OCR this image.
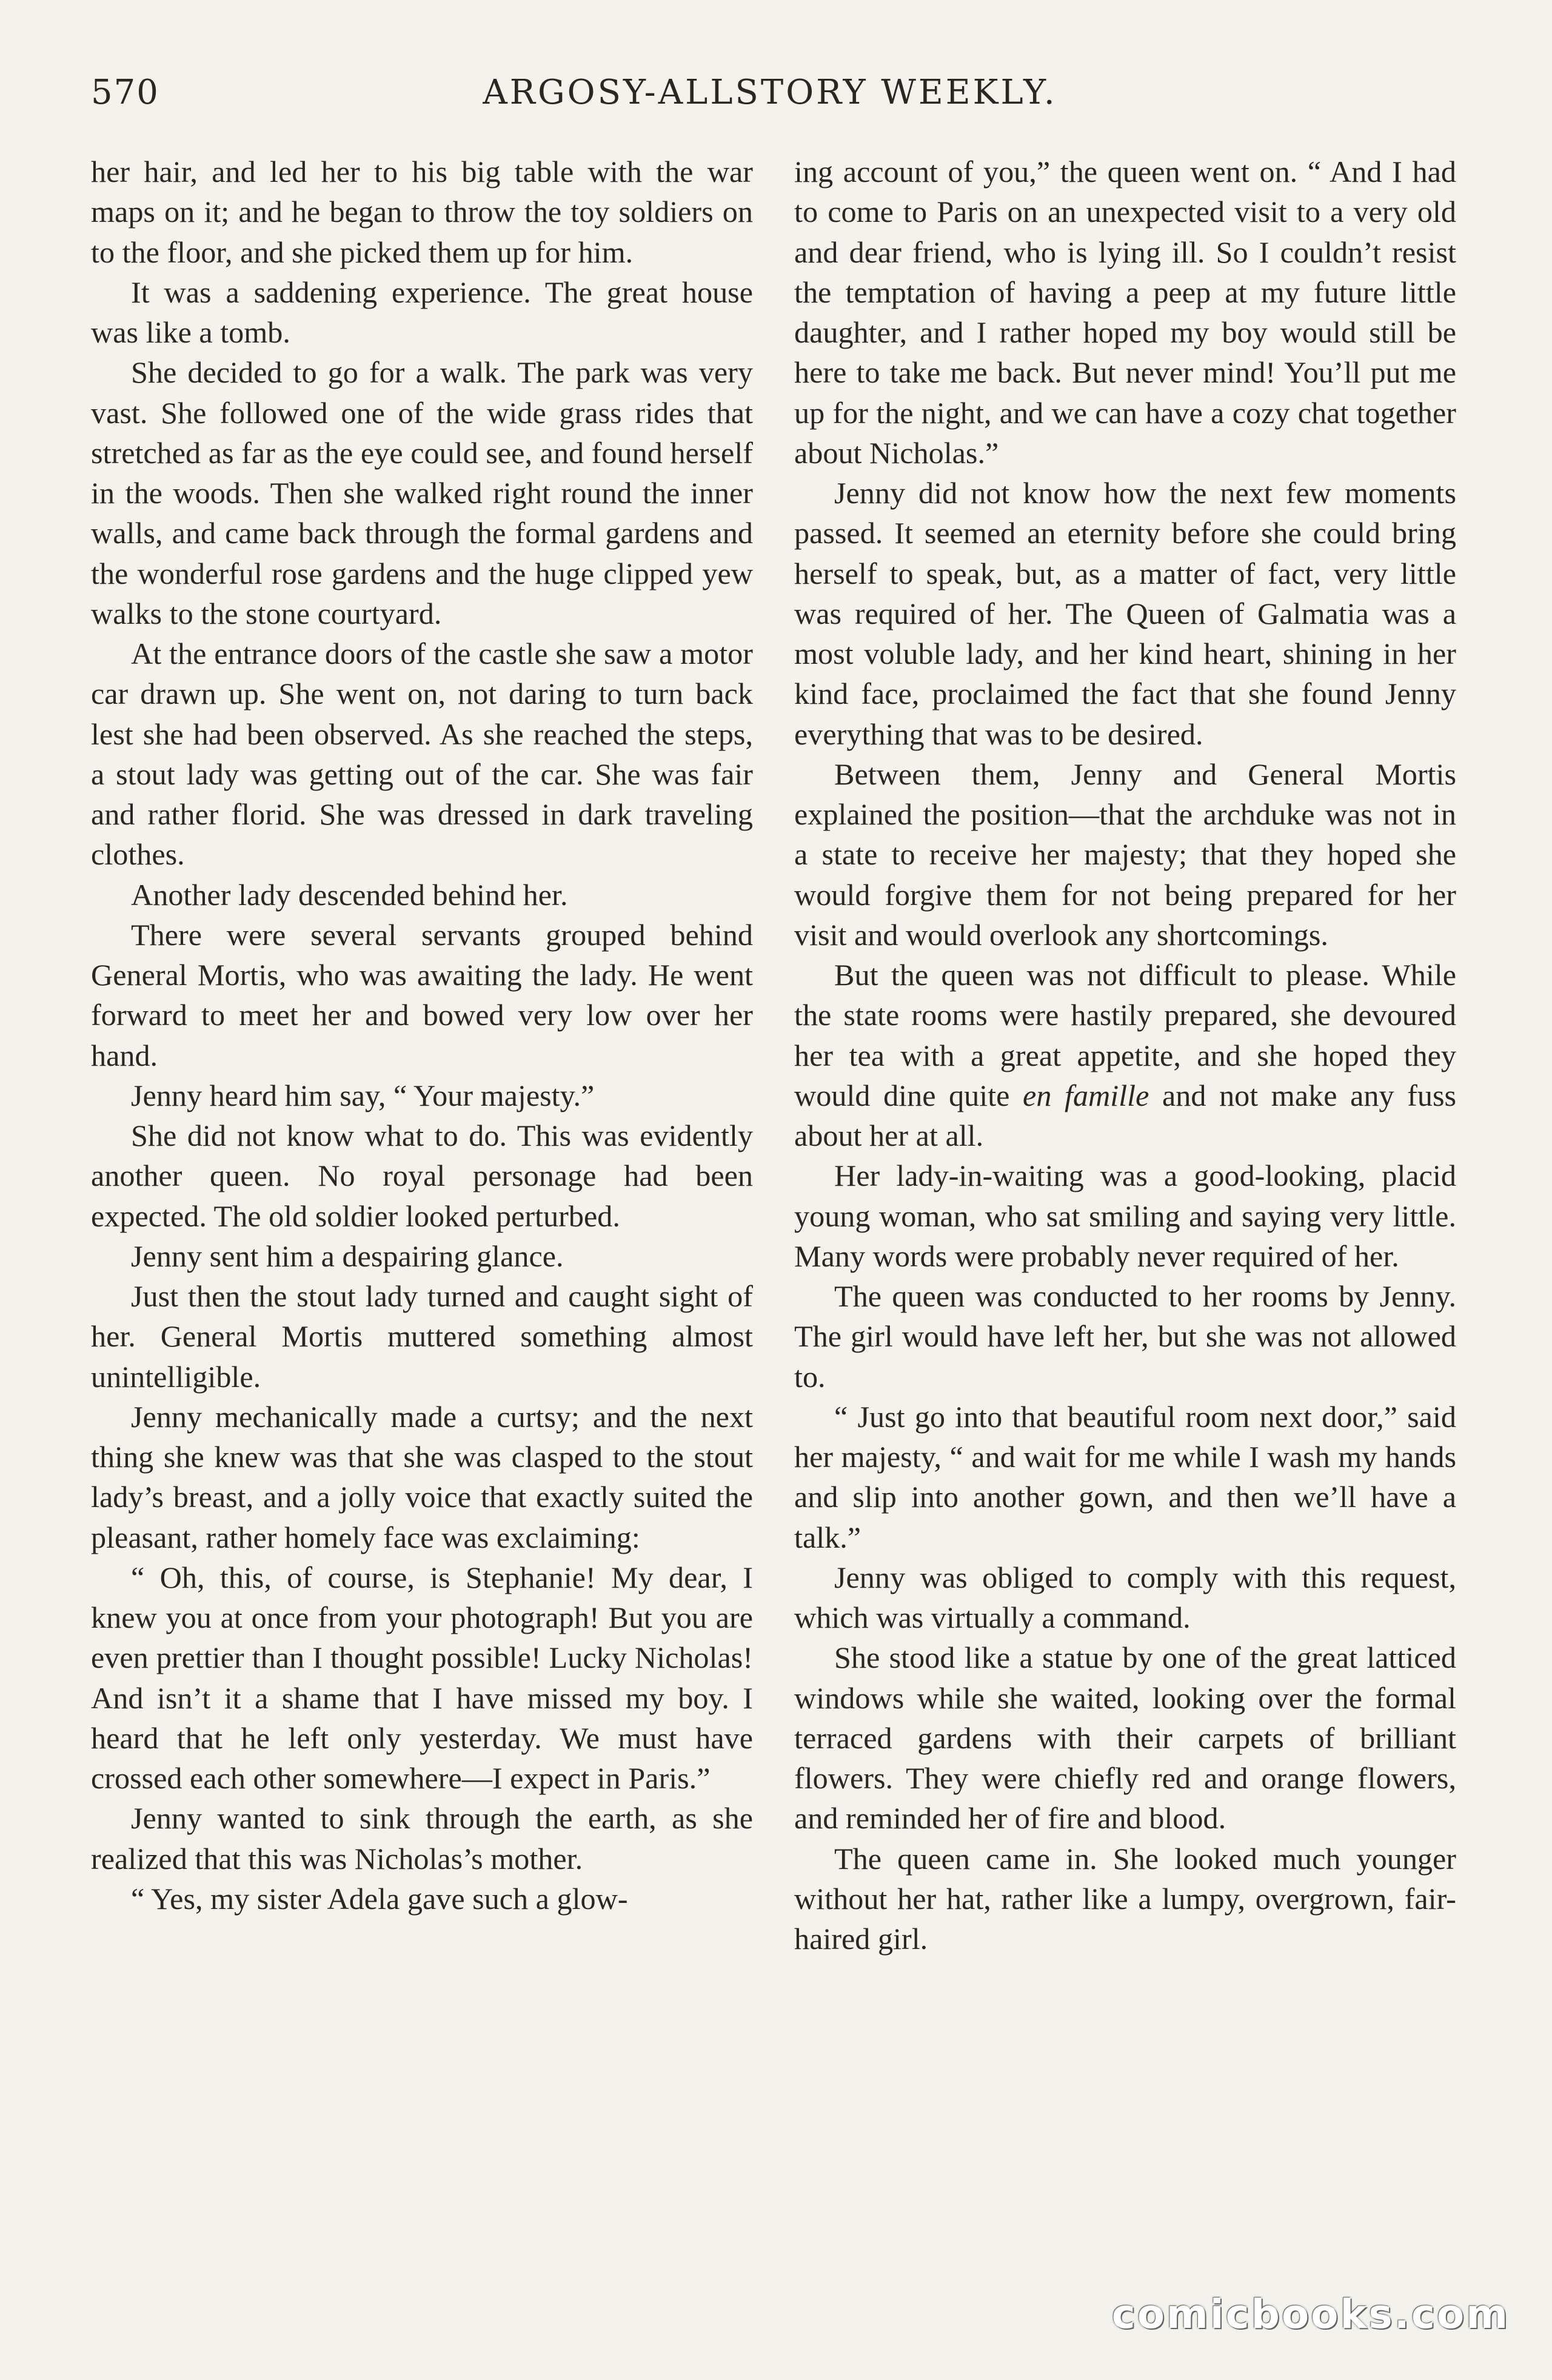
570	ARGOSY-ALLSTORY WEEKLY.

her hair, and led her to his big table with the war maps on it; and he began to throw the toy soldiers on to the floor, and she picked them up for him.

It was a saddening experience. The great house was like a tomb.

She decided to go for a walk. The park was very vast. She followed one of the wide grass rides that stretched as far as the eye could see, and found herself in the woods. Then she walked right round the inner walls, and came back through the formal gardens and the wonderful rose gardens and the huge clipped yew walks to the stone courtyard.

At the entrance doors of the castle she saw a motor car drawn up. She went on, not daring to turn back lest she had been observed. As she reached the steps, a stout lady was getting out of the car. She was fair and rather florid. She was dressed in dark traveling clothes.

Another lady descended behind her.

There were several servants grouped behind General Mortis, who was awaiting the lady. He went forward to meet her and bowed very low over her hand.

Jenny heard him say, “ Your majesty.”

She did not know what to do. This was evidently another queen. No royal personage had been expected. The old soldier looked perturbed.

Jenny sent him a despairing glance.

Just then the stout lady turned and caught sight of her. General Mortis muttered something almost unintelligible.

Jenny mechanically made a curtsy; and the next thing she knew was that she was clasped to the stout lady’s breast, and a jolly voice that exactly suited the pleasant, rather homely face was exclaiming:

“ Oh, this, of course, is Stephanie! My dear, I knew you at once from your photograph! But you are even prettier than I thought possible! Lucky Nicholas! And isn’t it a shame that I have missed my boy. I heard that he left only yesterday. We must have crossed each other somewhere—I expect in Paris.”

Jenny wanted to sink through the earth, as she realized that this was Nicholas’s mother.

“ Yes, my sister Adela gave such a glow-

ing account of you,” the queen went on. “ And I had to come to Paris on an unexpected visit to a very old and dear friend, who is lying ill. So I couldn’t resist the temptation of having a peep at my future little daughter, and I rather hoped my boy would still be here to take me back. But never mind! You’ll put me up for the night, and we can have a cozy chat together about Nicholas.”

Jenny did not know how the next few moments passed. It seemed an eternity before she could bring herself to speak, but, as a matter of fact, very little was required of her. The Queen of Galmatia was a most voluble lady, and her kind heart, shining in her kind face, proclaimed the fact that she found Jenny everything that was to be desired.

Between them, Jenny and General Mortis explained the position—that the archduke was not in a state to receive her majesty; that they hoped she would forgive them for not being prepared for her visit and would overlook any shortcomings.

But the queen was not difficult to please. While the state rooms were hastily prepared, she devoured her tea with a great appetite, and she hoped they would dine quite en famille and not make any fuss about her at all.

Her lady-in-waiting was a good-looking, placid young woman, who sat smiling and saying very little. Many words were probably never required of her.

The queen was conducted to her rooms by Jenny. The girl would have left her, but she was not allowed to.

“ Just go into that beautiful room next door,” said her majesty, “ and wait for me while I wash my hands and slip into another gown, and then we’ll have a talk.”

Jenny was obliged to comply with this request, which was virtually a command.

She stood like a statue by one of the great latticed windows while she waited, looking over the formal terraced gardens with their carpets of brilliant flowers. They were chiefly red and orange flowers, and reminded her of fire and blood.

The queen came in. She looked much younger without her hat, rather like a lumpy, overgrown, fair-haired girl.

comicbooks.com
